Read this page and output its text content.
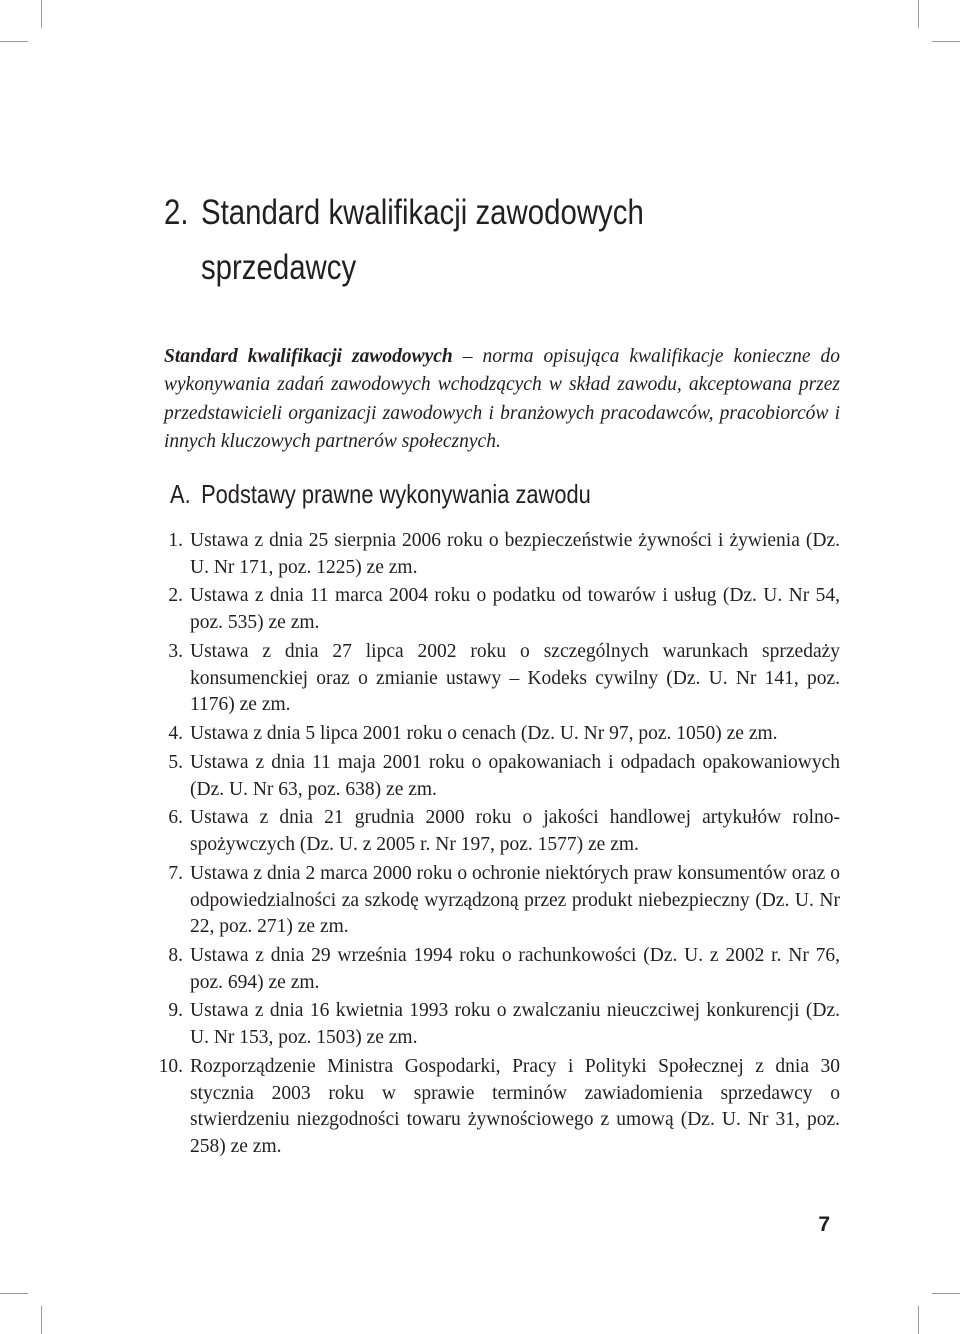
2. Standard kwalifikacji zawodowych
sprzedawcy

Standard kwalifikacji zawodowych – norma opisująca kwalifikacje konieczne do wykonywania zadań zawodowych wchodzących w skład zawodu, akceptowana przez przedstawicieli organizacji zawodowych i branżowych pracodawców, pracobiorców i innych kluczowych partnerów społecznych.

A. Podstawy prawne wykonywania zawodu
1. Ustawa z dnia 25 sierpnia 2006 roku o bezpieczeństwie żywności i żywienia (Dz. U. Nr 171, poz. 1225) ze zm.
2. Ustawa z dnia 11 marca 2004 roku o podatku od towarów i usług (Dz. U. Nr 54, poz. 535) ze zm.
3. Ustawa z dnia 27 lipca 2002 roku o szczególnych warunkach sprzedaży konsumenckiej oraz o zmianie ustawy – Kodeks cywilny (Dz. U. Nr 141, poz. 1176) ze zm.
4. Ustawa z dnia 5 lipca 2001 roku o cenach (Dz. U. Nr 97, poz. 1050) ze zm.
5. Ustawa z dnia 11 maja 2001 roku o opakowaniach i odpadach opakowaniowych (Dz. U. Nr 63, poz. 638) ze zm.
6. Ustawa z dnia 21 grudnia 2000 roku o jakości handlowej artykułów rolno-spożywczych (Dz. U. z 2005 r. Nr 197, poz. 1577) ze zm.
7. Ustawa z dnia 2 marca 2000 roku o ochronie niektórych praw konsumentów oraz o odpowiedzialności za szkodę wyrządzoną przez produkt niebezpieczny (Dz. U. Nr 22, poz. 271) ze zm.
8. Ustawa z dnia 29 września 1994 roku o rachunkowości (Dz. U. z 2002 r. Nr 76, poz. 694) ze zm.
9. Ustawa z dnia 16 kwietnia 1993 roku o zwalczaniu nieuczciwej konkurencji (Dz. U. Nr 153, poz. 1503) ze zm.
10. Rozporządzenie Ministra Gospodarki, Pracy i Polityki Społecznej z dnia 30 stycznia 2003 roku w sprawie terminów zawiadomienia sprzedawcy o stwierdzeniu niezgodności towaru żywnościowego z umową (Dz. U. Nr 31, poz. 258) ze zm.
7
